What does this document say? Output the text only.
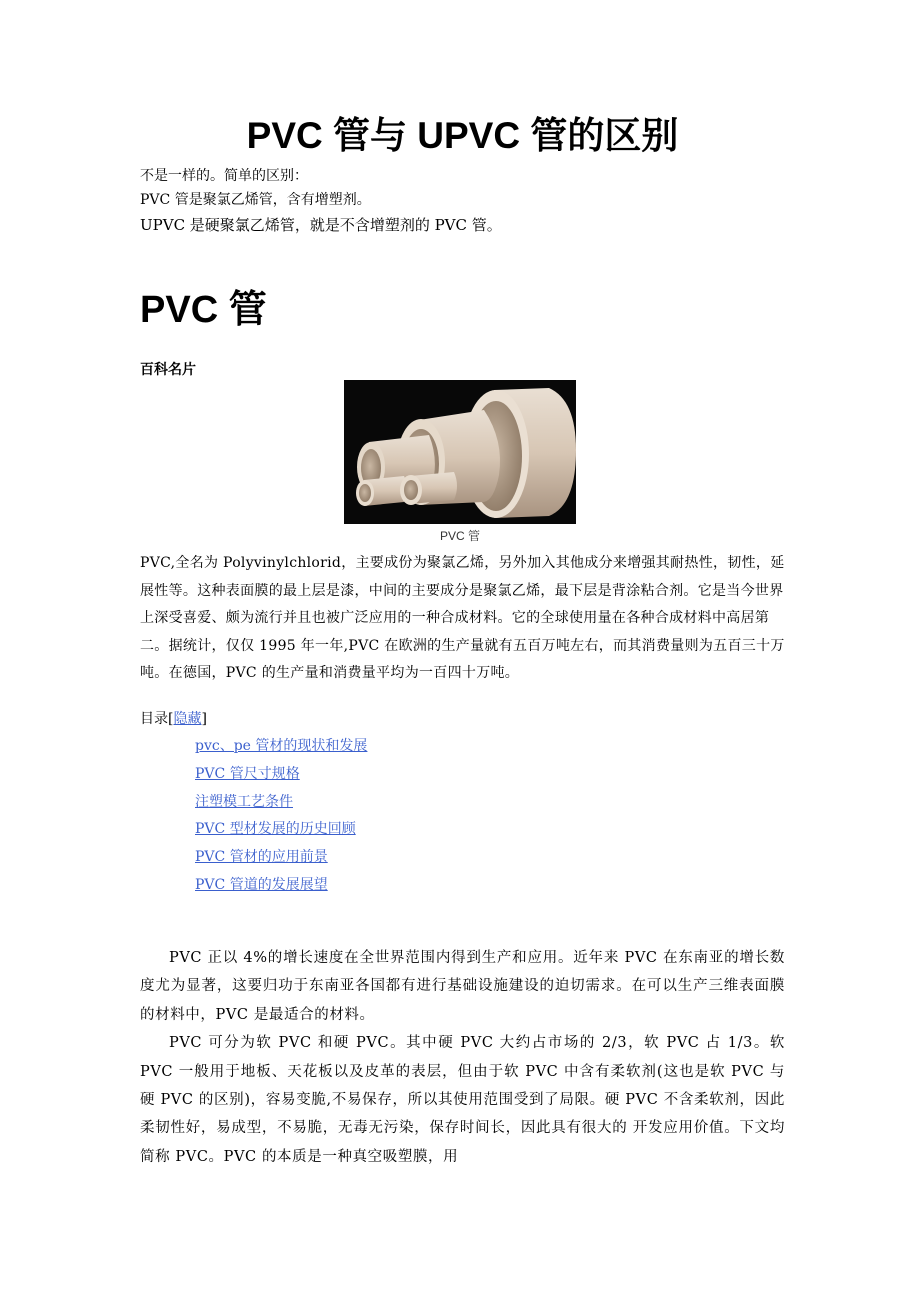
PVC 管与 UPVC 管的区别

不是一样的。简单的区别：

PVC 管是聚氯乙烯管，含有增塑剂。

UPVC 是硬聚氯乙烯管，就是不含增塑剂的 PVC 管。

PVC 管
百科名片
PVC 管

PVC,全名为 Polyvinylchlorid，主要成份为聚氯乙烯，另外加入其他成分来增强其耐热性，韧性，延展性等。这种表面膜的最上层是漆，中间的主要成分是聚氯乙烯，最下层是背涂粘合剂。它是当今世界上深受喜爱、颇为流行并且也被广泛应用的一种合成材料。它的全球使用量在各种合成材料中高居第二。据统计，仅仅 1995 年一年,PVC 在欧洲的生产量就有五百万吨左右，而其消费量则为五百三十万吨。在德国，PVC 的生产量和消费量平均为一百四十万吨。

目录[隐藏]
pvc、pe 管材的现状和发展
PVC 管尺寸规格
注塑模工艺条件
PVC 型材发展的历史回顾
PVC 管材的应用前景
PVC 管道的发展展望

PVC 正以 4%的增长速度在全世界范围内得到生产和应用。近年来 PVC 在东南亚的增长数度尤为显著，这要归功于东南亚各国都有进行基础设施建设的迫切需求。在可以生产三维表面膜的材料中，PVC 是最适合的材料。

PVC 可分为软 PVC 和硬 PVC。其中硬 PVC 大约占市场的 2/3，软 PVC 占 1/3。软 PVC 一般用于地板、天花板以及皮革的表层，但由于软 PVC 中含有柔软剂(这也是软 PVC 与硬 PVC 的区别)，容易变脆,不易保存，所以其使用范围受到了局限。硬 PVC 不含柔软剂，因此柔韧性好，易成型，不易脆，无毒无污染，保存时间长，因此具有很大的 开发应用价值。下文均简称 PVC。PVC 的本质是一种真空吸塑膜，用
